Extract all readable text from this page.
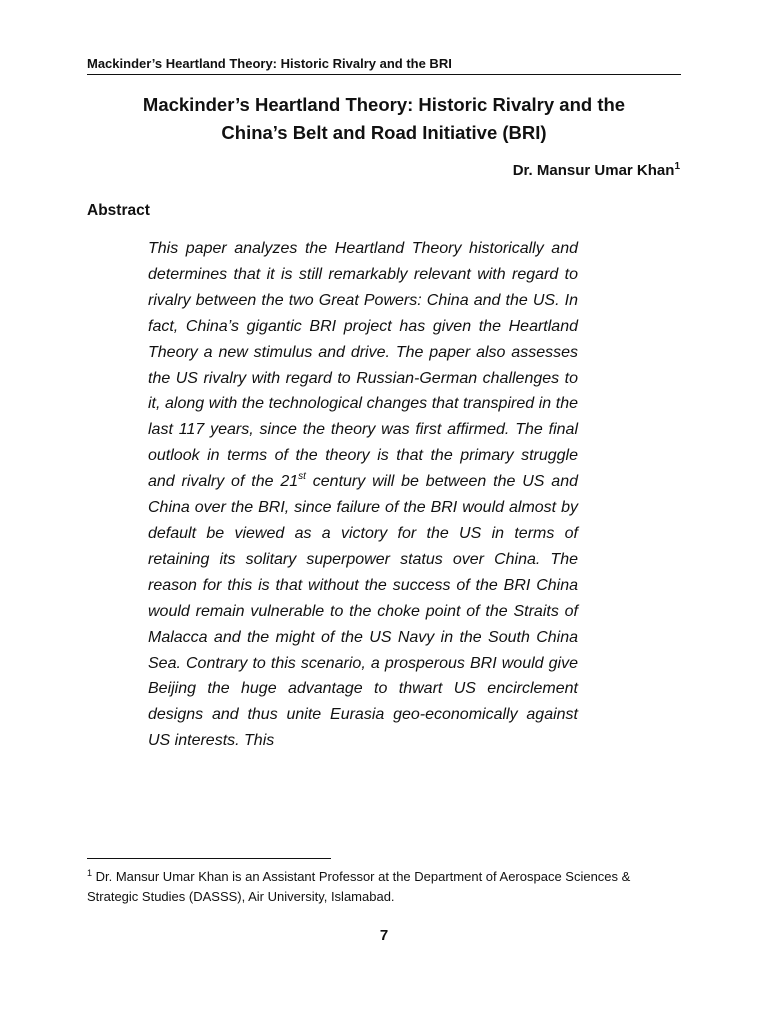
Mackinder’s Heartland Theory: Historic Rivalry and the BRI
Mackinder’s Heartland Theory: Historic Rivalry and the
China’s Belt and Road Initiative (BRI)
Dr. Mansur Umar Khan$^1$
Abstract

This paper analyzes the Heartland Theory historically and determines that it is still remarkably relevant with regard to rivalry between the two Great Powers: China and the US. In fact, China’s gigantic BRI project has given the Heartland Theory a new stimulus and drive. The paper also assesses the US rivalry with regard to Russian-German challenges to it, along with the technological changes that transpired in the last 117 years, since the theory was first affirmed. The final outlook in terms of the theory is that the primary struggle and rivalry of the 21st century will be between the US and China over the BRI, since failure of the BRI would almost by default be viewed as a victory for the US in terms of retaining its solitary superpower status over China. The reason for this is that without the success of the BRI China would remain vulnerable to the choke point of the Straits of Malacca and the might of the US Navy in the South China Sea. Contrary to this scenario, a prosperous BRI would give Beijing the huge advantage to thwart US encirclement designs and thus unite Eurasia geo-economically against US interests. This

$^1$ Dr. Mansur Umar Khan is an Assistant Professor at the Department of Aerospace Sciences & Strategic Studies (DASSS), Air University, Islamabad.

7
